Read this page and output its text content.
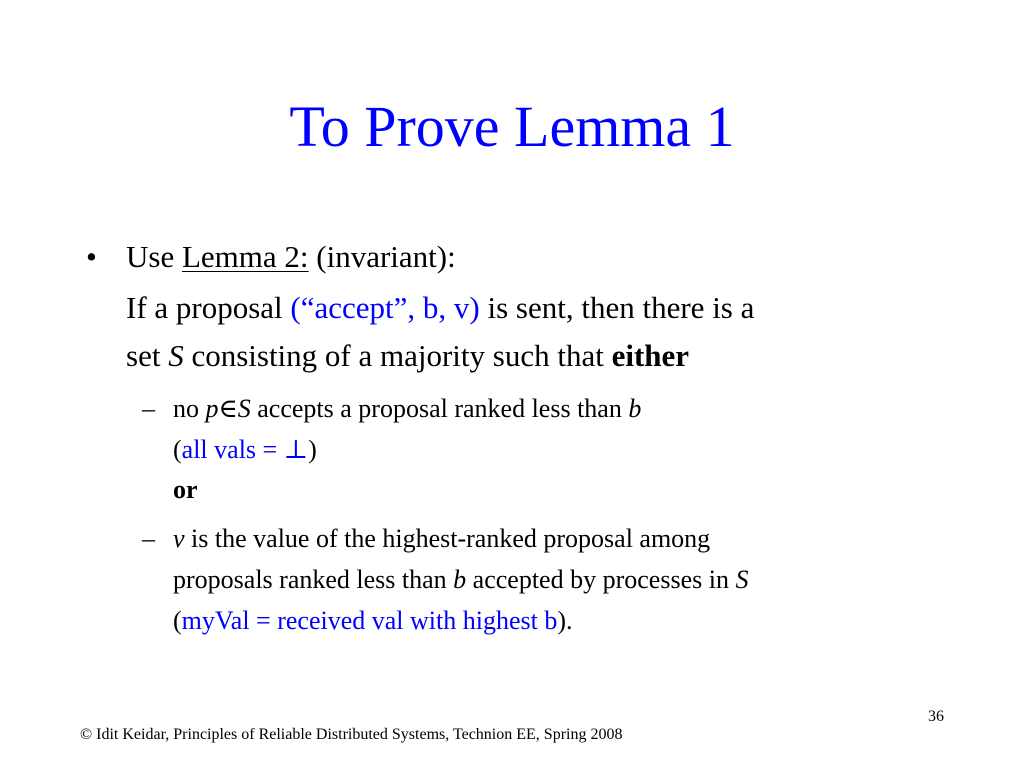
To Prove Lemma 1
• Use Lemma 2: (invariant):
If a proposal (“accept”, b, v) is sent, then there is a
set S consisting of a majority such that either
– no p∈S accepts a proposal ranked less than b
(all vals = ⊥)
or
– v is the value of the highest-ranked proposal among
proposals ranked less than b accepted by processes in S
(myVal = received val with highest b).
36
© Idit Keidar, Principles of Reliable Distributed Systems, Technion EE, Spring 2008
